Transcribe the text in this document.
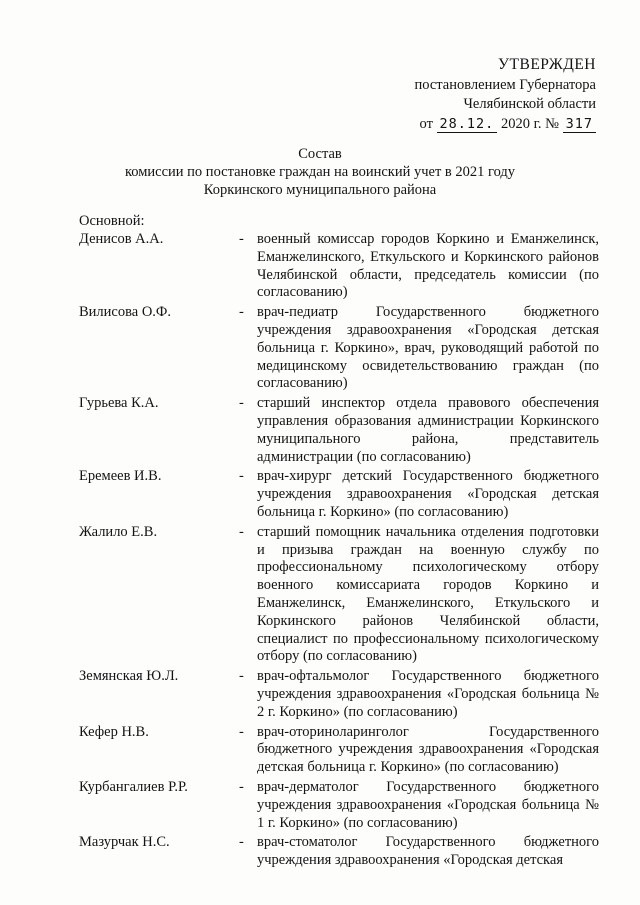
УТВЕРЖДЕН
постановлением Губернатора
Челябинской области
от 28.12. 2020 г. № 317
Состав
комиссии по постановке граждан на воинский учет в 2021 году
Коркинского муниципального района
Основной:
Денисов А.А.	- военный комиссар городов Коркино и Еманжелинск, Еманжелинского, Еткульского и Коркинского районов Челябинской области, председатель комиссии (по согласованию)
Вилисова О.Ф.	- врач-педиатр Государственного бюджетного учреждения здравоохранения «Городская детская больница г. Коркино», врач, руководящий работой по медицинскому освидетельствованию граждан (по согласованию)
Гурьева К.А.	- старший инспектор отдела правового обеспечения управления образования администрации Коркинского муниципального района, представитель администрации (по согласованию)
Еремеев И.В.	- врач-хирург детский Государственного бюджетного учреждения здравоохранения «Городская детская больница г. Коркино» (по согласованию)
Жалило Е.В.	- старший помощник начальника отделения подготовки и призыва граждан на военную службу по профессиональному психологическому отбору военного комиссариата городов Коркино и Еманжелинск, Еманжелинского, Еткульского и Коркинского районов Челябинской области, специалист по профессиональному психологическому отбору (по согласованию)
Земянская Ю.Л.	- врач-офтальмолог Государственного бюджетного учреждения здравоохранения «Городская больница № 2 г. Коркино» (по согласованию)
Кефер Н.В.	- врач-оториноларинголог Государственного бюджетного учреждения здравоохранения «Городская детская больница г. Коркино» (по согласованию)
Курбангалиев Р.Р.	- врач-дерматолог Государственного бюджетного учреждения здравоохранения «Городская больница № 1 г. Коркино» (по согласованию)
Мазурчак Н.С.	- врач-стоматолог Государственного бюджетного учреждения здравоохранения «Городская детская
